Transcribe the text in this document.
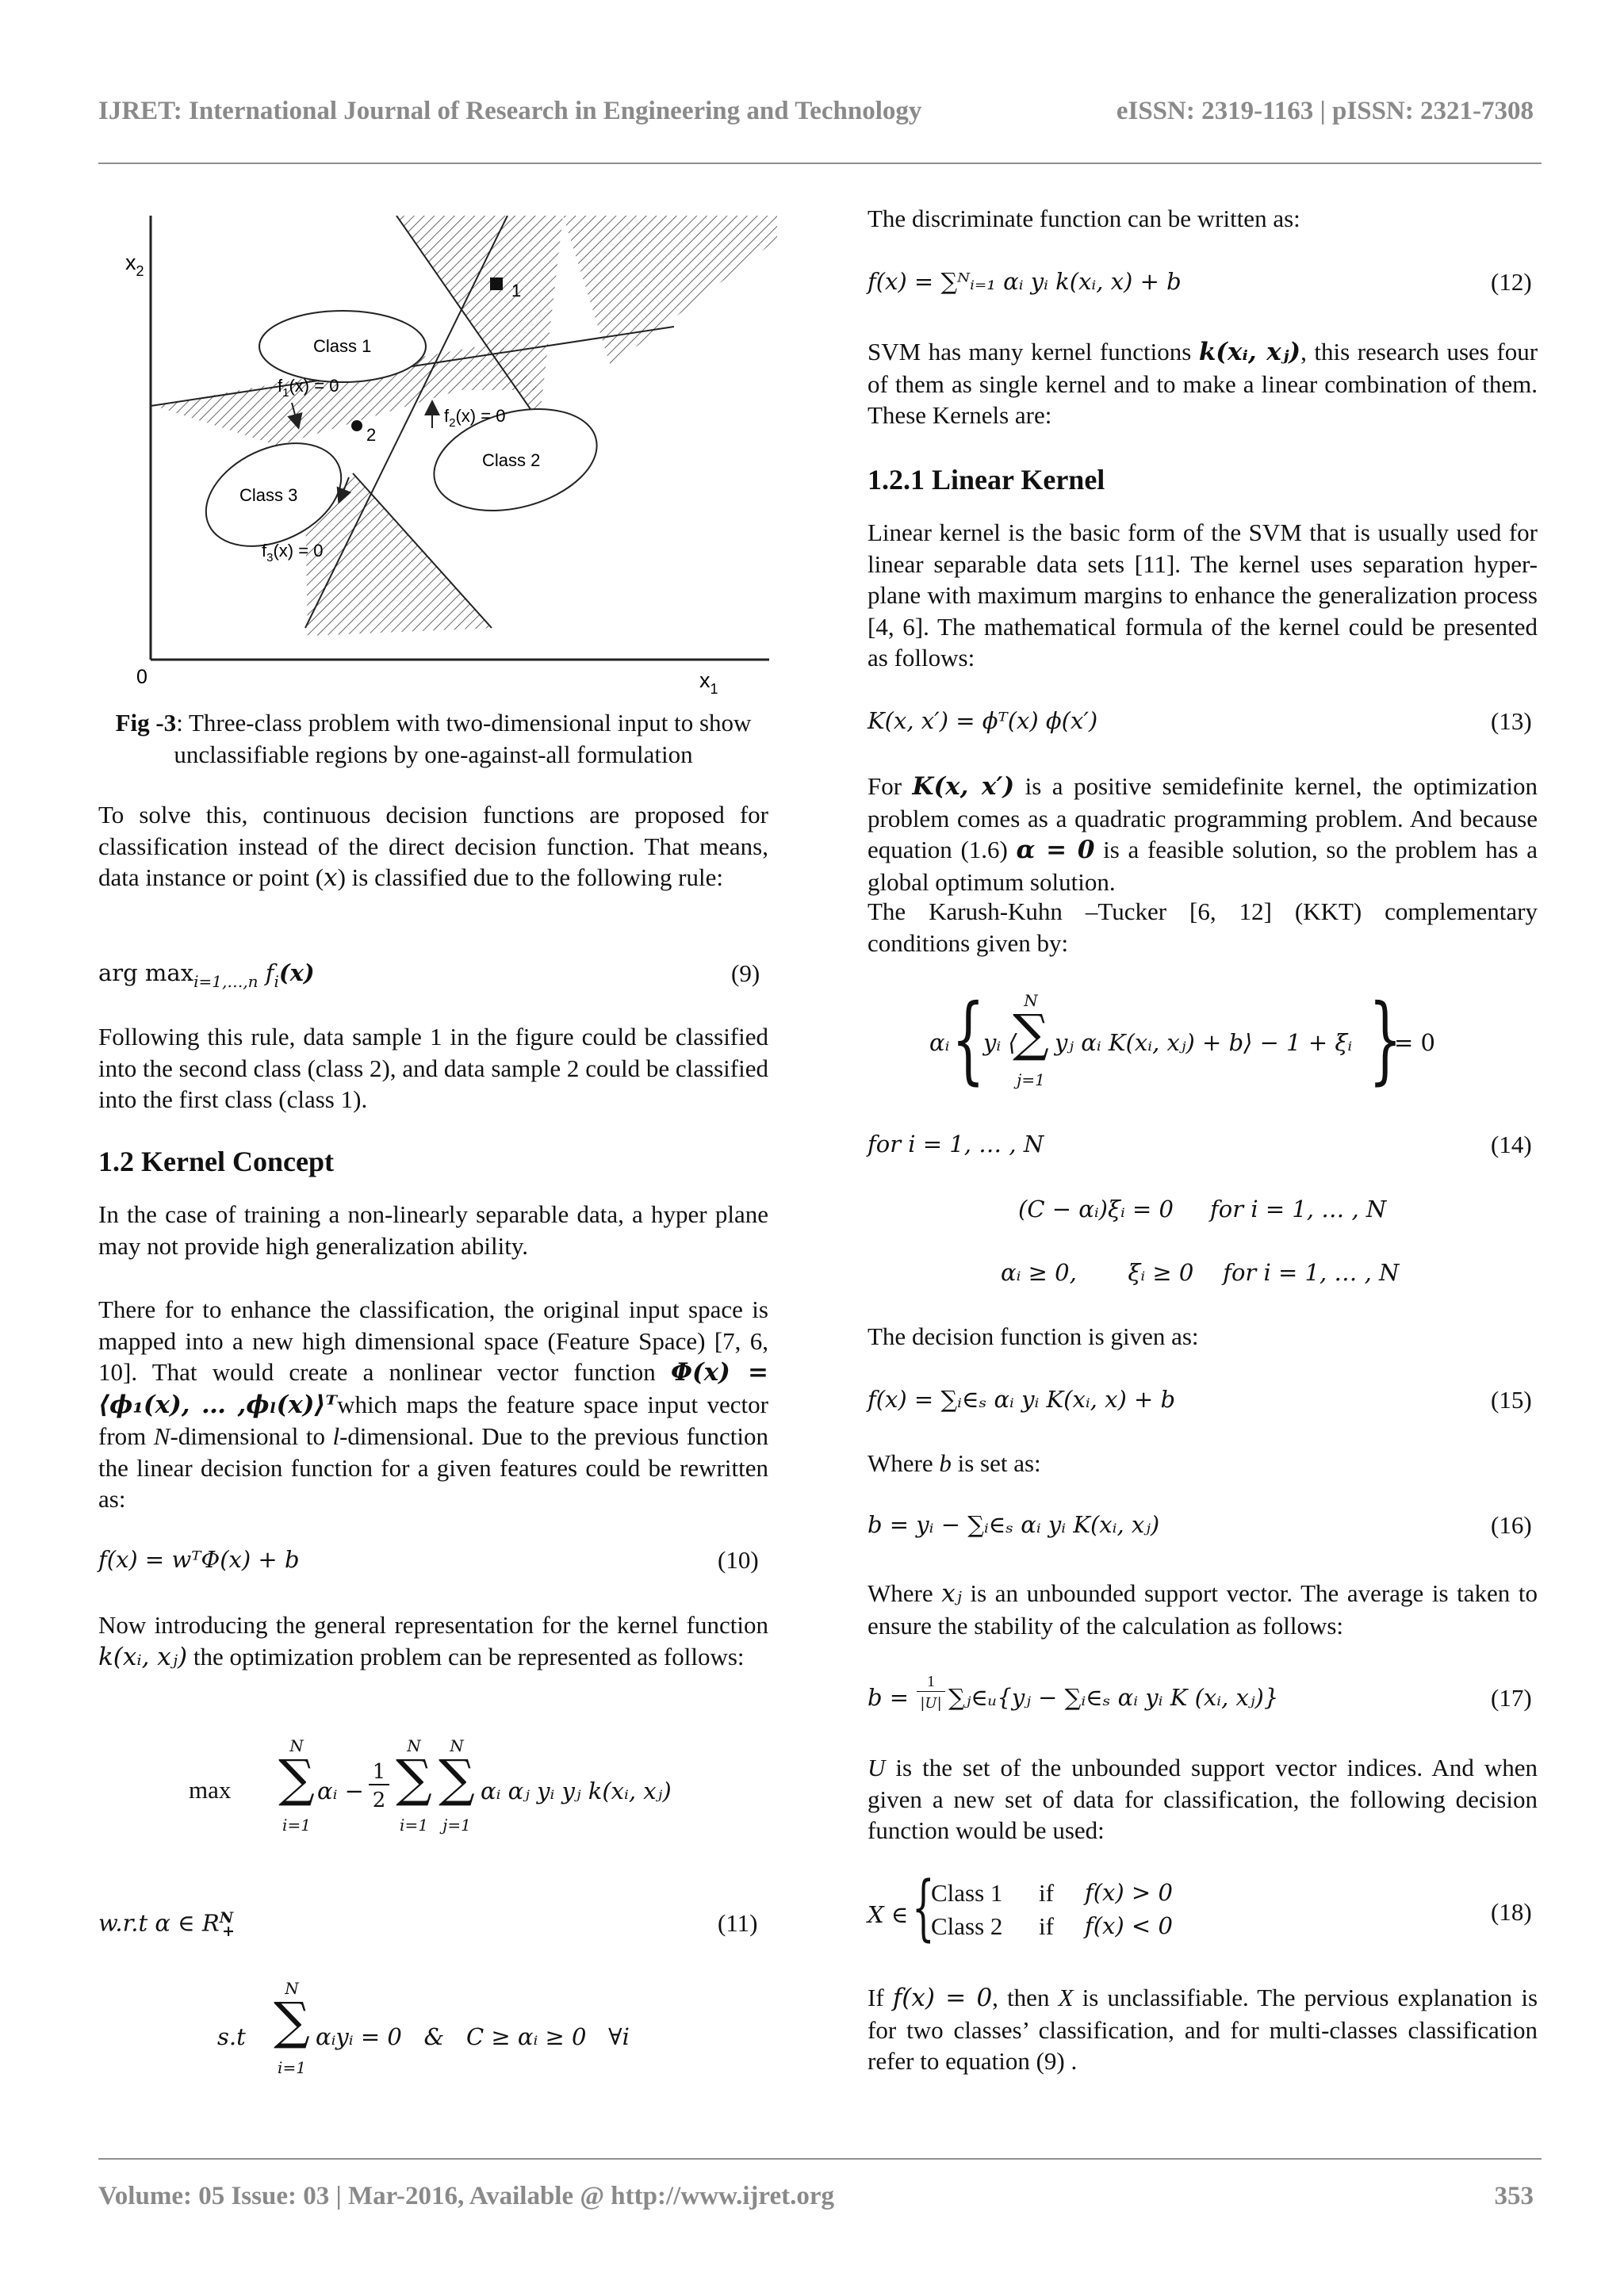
IJRET: International Journal of Research in Engineering and Technology	eISSN: 2319-1163 | pISSN: 2321-7308
$x_2$
$x_1$
0
Class 1
Class 2
Class 3
$f_1(x) = 0$
$f_2(x) = 0$
$f_3(x) = 0$
1
2
Fig -3: Three-class problem with two-dimensional input to show unclassifiable regions by one-against-all formulation

To solve this, continuous decision functions are proposed for classification instead of the direct decision function. That means, data instance or point (x) is classified due to the following rule:

arg $\max_{i=1,\dots,n} f_i(x)$	(9)

Following this rule, data sample 1 in the figure could be classified into the second class (class 2), and data sample 2 could be classified into the first class (class 1).

1.2 Kernel Concept

In the case of training a non-linearly separable data, a hyper plane may not provide high generalization ability.

There for to enhance the classification, the original input space is mapped into a new high dimensional space (Feature Space) [7, 6, 10]. That would create a nonlinear vector function Φ(x) = ⟨ϕ₁(x), … ,ϕₗ(x)⟩ᵀwhich maps the feature space input vector from N-dimensional to l-dimensional. Due to the previous function the linear decision function for a given features could be rewritten as:

f(x) = wᵀΦ(x) + b	(10)

Now introducing the general representation for the kernel function k(xᵢ, xⱼ) the optimization problem can be represented as follows:

max
N
∑
i=1
αᵢ −
1
2
N
∑
i=1
N
∑
j=1
αᵢ αⱼ yᵢ yⱼ k(xᵢ, xⱼ)
w.r.t α ∈ $R^N_+$	(11)
s.t
N
∑
i=1
αᵢyᵢ = 0   &   C ≥ αᵢ ≥ 0   ∀i

The discriminate function can be written as:

f(x) = ∑ᴺᵢ₌₁ αᵢ yᵢ k(xᵢ, x) + b	(12)

SVM has many kernel functions k(xᵢ, xⱼ), this research uses four of them as single kernel and to make a linear combination of them. These Kernels are:

1.2.1 Linear Kernel

Linear kernel is the basic form of the SVM that is usually used for linear separable data sets [11]. The kernel uses separation hyper-plane with maximum margins to enhance the generalization process [4, 6]. The mathematical formula of the kernel could be presented as follows:

K(x, x′) = ϕᵀ(x) ϕ(x′)	(13)

For K(x, x′) is a positive semidefinite kernel, the optimization problem comes as a quadratic programming problem. And because equation (1.6) α = 0 is a feasible solution, so the problem has a global optimum solution.

The Karush-Kuhn –Tucker [6, 12] (KKT) complementary conditions given by:

αᵢ {
yᵢ ⟨
N
∑
j=1
yⱼ αᵢ K(xᵢ, xⱼ) + b⟩ − 1 + ξᵢ }
= 0
for i = 1, … , N	(14)
(C − αᵢ)ξᵢ = 0     for i = 1, … , N
αᵢ ≥ 0,       ξᵢ ≥ 0    for i = 1, … , N

The decision function is given as:

f(x) = ∑ᵢ∈ₛ αᵢ yᵢ K(xᵢ, x) + b	(15)

Where b is set as:

b = yᵢ − ∑ᵢ∈ₛ αᵢ yᵢ K(xᵢ, xⱼ)	(16)

Where xⱼ is an unbounded support vector. The average is taken to ensure the stability of the calculation as follows:

b =
1
|U| ∑ⱼ∈ᵤ{yⱼ − ∑ᵢ∈ₛ αᵢ yᵢ K (xᵢ, xⱼ)}	(17)

U is the set of the unbounded support vector indices. And when given a new set of data for classification, the following decision function would be used:

X ∈ {
Class 1 if f(x) > 0
Class 2 if f(x) < 0	(18)

If f(x) = 0, then X is unclassifiable. The pervious explanation is for two classes’ classification, and for multi-classes classification refer to equation (9) .

Volume: 05 Issue: 03 | Mar-2016, Available @ http://www.ijret.org	353
